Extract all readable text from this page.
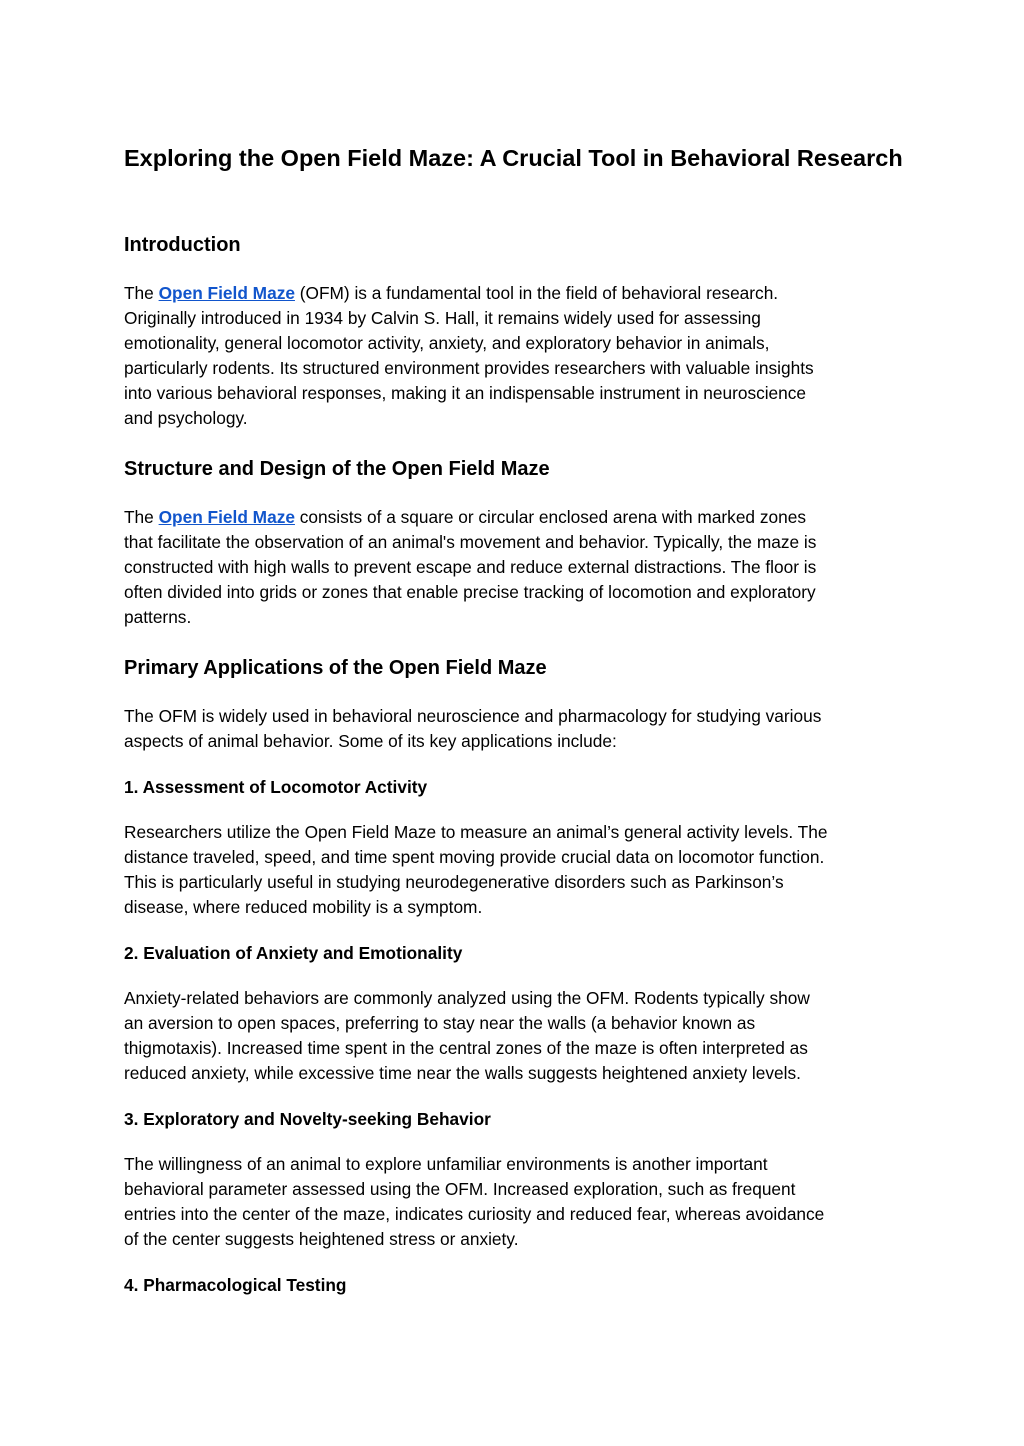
Exploring the Open Field Maze: A Crucial Tool in Behavioral Research
Introduction
The Open Field Maze (OFM) is a fundamental tool in the field of behavioral research.
Originally introduced in 1934 by Calvin S. Hall, it remains widely used for assessing
emotionality, general locomotor activity, anxiety, and exploratory behavior in animals,
particularly rodents. Its structured environment provides researchers with valuable insights
into various behavioral responses, making it an indispensable instrument in neuroscience
and psychology.
Structure and Design of the Open Field Maze
The Open Field Maze consists of a square or circular enclosed arena with marked zones
that facilitate the observation of an animal's movement and behavior. Typically, the maze is
constructed with high walls to prevent escape and reduce external distractions. The floor is
often divided into grids or zones that enable precise tracking of locomotion and exploratory
patterns.
Primary Applications of the Open Field Maze
The OFM is widely used in behavioral neuroscience and pharmacology for studying various
aspects of animal behavior. Some of its key applications include:
1. Assessment of Locomotor Activity
Researchers utilize the Open Field Maze to measure an animal’s general activity levels. The
distance traveled, speed, and time spent moving provide crucial data on locomotor function.
This is particularly useful in studying neurodegenerative disorders such as Parkinson’s
disease, where reduced mobility is a symptom.
2. Evaluation of Anxiety and Emotionality
Anxiety-related behaviors are commonly analyzed using the OFM. Rodents typically show
an aversion to open spaces, preferring to stay near the walls (a behavior known as
thigmotaxis). Increased time spent in the central zones of the maze is often interpreted as
reduced anxiety, while excessive time near the walls suggests heightened anxiety levels.
3. Exploratory and Novelty-seeking Behavior
The willingness of an animal to explore unfamiliar environments is another important
behavioral parameter assessed using the OFM. Increased exploration, such as frequent
entries into the center of the maze, indicates curiosity and reduced fear, whereas avoidance
of the center suggests heightened stress or anxiety.
4. Pharmacological Testing
